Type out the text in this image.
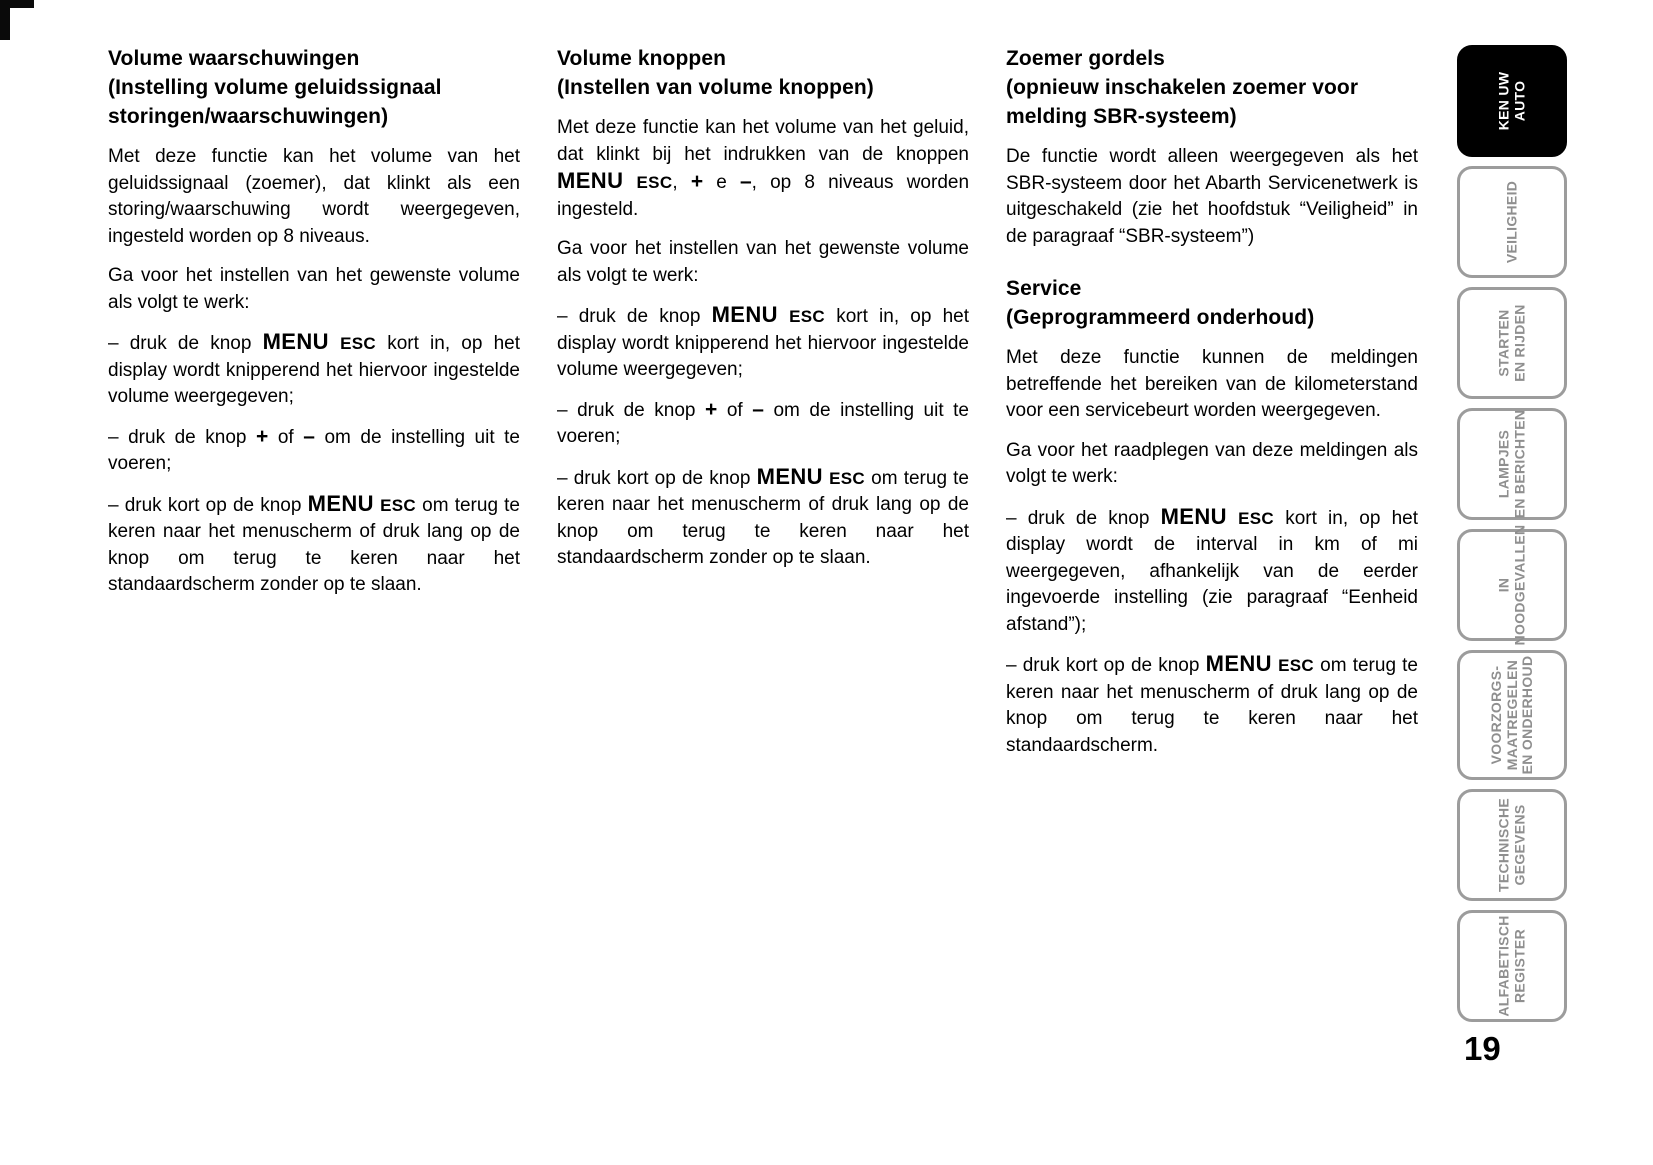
Volume waarschuwingen
(Instelling volume geluidssignaal
storingen/waarschuwingen)

Met deze functie kan het volume van het geluidssignaal (zoemer), dat klinkt als een storing/waarschuwing wordt weergegeven, ingesteld worden op 8 niveaus.

Ga voor het instellen van het gewenste volume als volgt te werk:

– druk de knop MENU ESC kort in, op het display wordt knipperend het hiervoor ingestelde volume weergegeven;

– druk de knop + of – om de instelling uit te voeren;

– druk kort op de knop MENU ESC om terug te keren naar het menuscherm of druk lang op de knop om terug te keren naar het standaardscherm zonder op te slaan.

Volume knoppen
(Instellen van volume knoppen)

Met deze functie kan het volume van het geluid, dat klinkt bij het indrukken van de knoppen MENU ESC, + e –, op 8 niveaus worden ingesteld.

Ga voor het instellen van het gewenste volume als volgt te werk:

– druk de knop MENU ESC kort in, op het display wordt knipperend het hiervoor ingestelde volume weergegeven;

– druk de knop + of – om de instelling uit te voeren;

– druk kort op de knop MENU ESC om terug te keren naar het menuscherm of druk lang op de knop om terug te keren naar het standaardscherm zonder op te slaan.

Zoemer gordels
(opnieuw inschakelen zoemer voor
melding SBR-systeem)

De functie wordt alleen weergegeven als het SBR-systeem door het Abarth Servicenetwerk is uitgeschakeld (zie het hoofdstuk “Veiligheid” in de paragraaf “SBR-systeem”)

Service
(Geprogrammeerd onderhoud)

Met deze functie kunnen de meldingen betreffende het bereiken van de kilometerstand voor een servicebeurt worden weergegeven.

Ga voor het raadplegen van deze meldingen als volgt te werk:

– druk de knop MENU ESC kort in, op het display wordt de interval in km of mi weergegeven, afhankelijk van de eerder ingevoerde instelling (zie paragraaf “Eenheid afstand”);

– druk kort op de knop MENU ESC om terug te keren naar het menuscherm of druk lang op de knop om terug te keren naar het standaardscherm.

KEN UW AUTO
VEILIGHEID
STARTEN EN RIJDEN
LAMPJES EN BERICHTEN
IN NOODGEVALLEN
VOORZORGS- MAATREGELEN EN ONDERHOUD
TECHNISCHE GEGEVENS
ALFABETISCH REGISTER
19
